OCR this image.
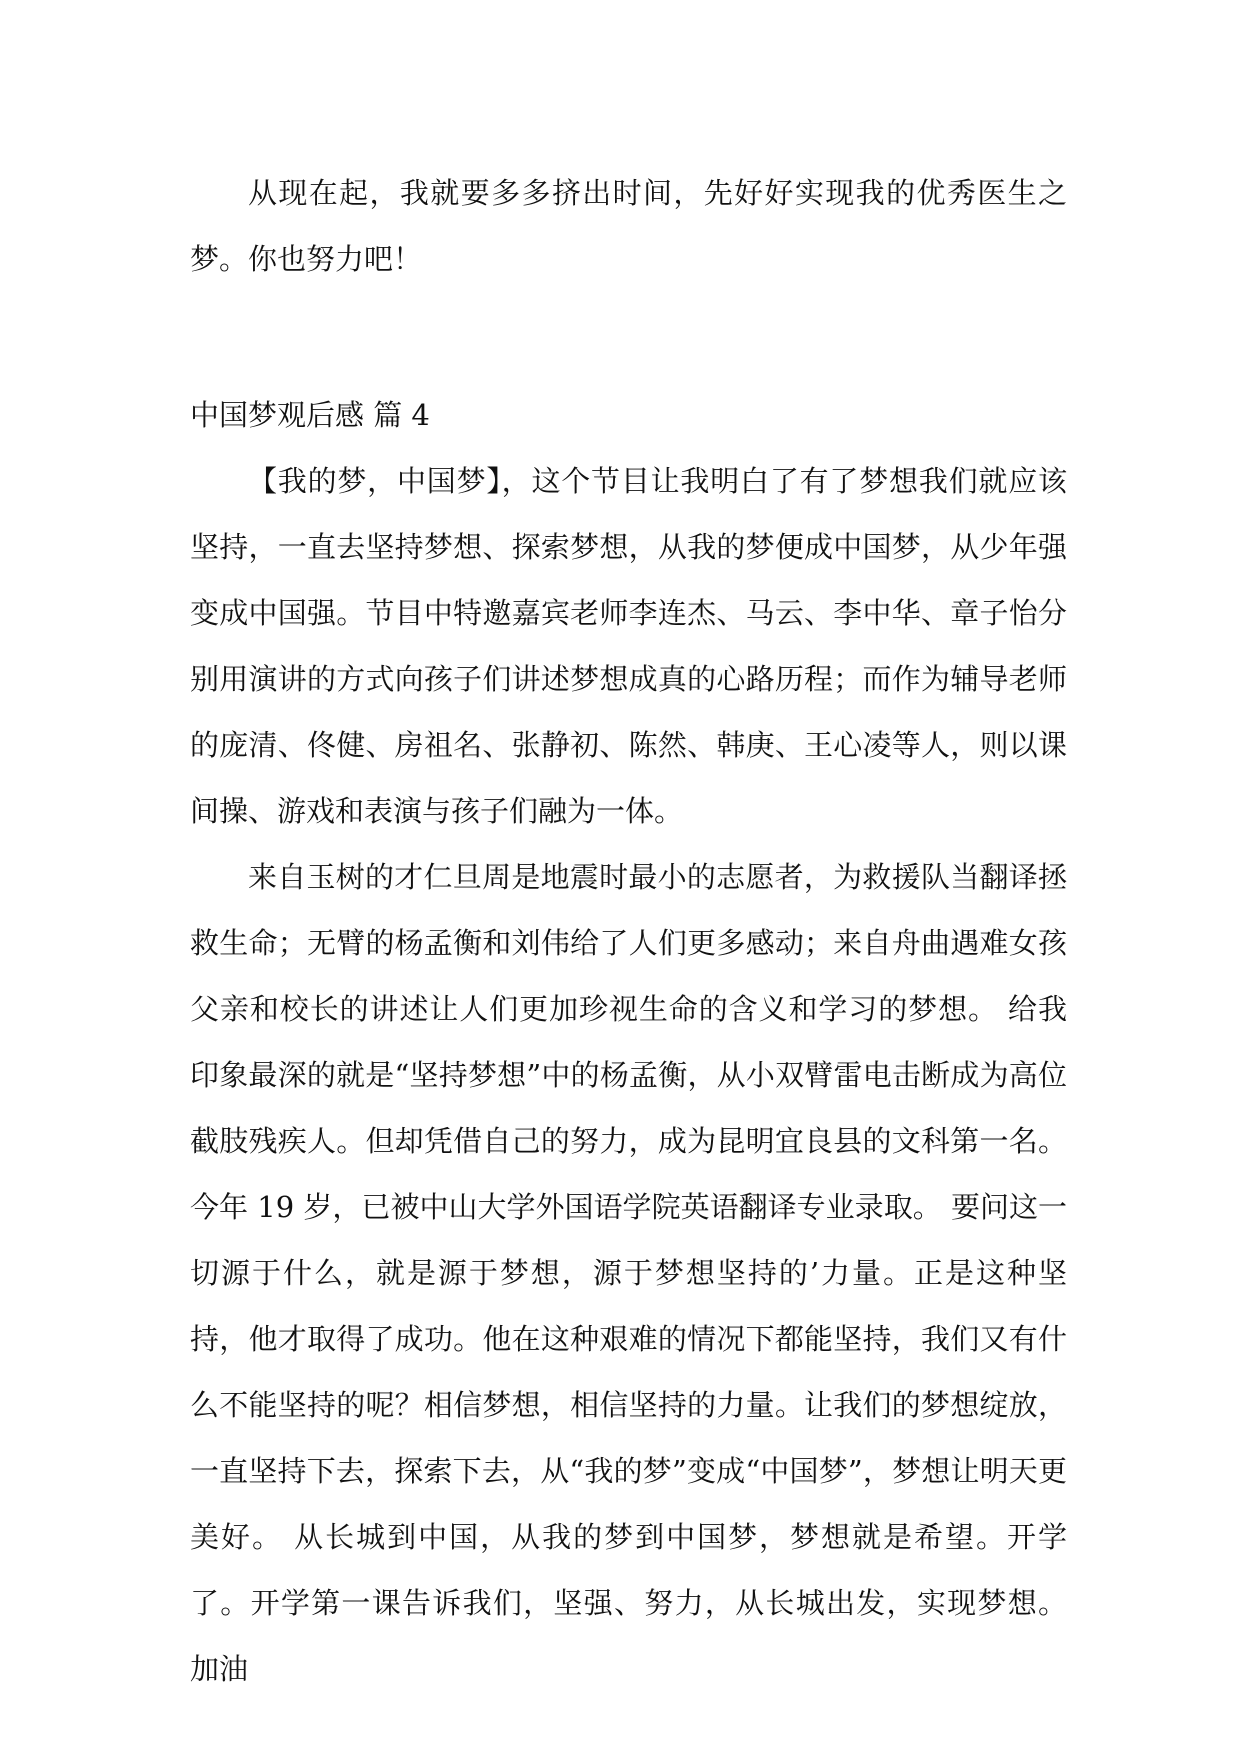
从现在起，我就要多多挤出时间，先好好实现我的优秀医生之梦。你也努力吧！

中国梦观后感 篇 4

【我的梦，中国梦】，这个节目让我明白了有了梦想我们就应该坚持，一直去坚持梦想、探索梦想，从我的梦便成中国梦，从少年强变成中国强。节目中特邀嘉宾老师李连杰、马云、李中华、章子怡分别用演讲的方式向孩子们讲述梦想成真的心路历程；而作为辅导老师的庞清、佟健、房祖名、张静初、陈然、韩庚、王心凌等人，则以课间操、游戏和表演与孩子们融为一体。

来自玉树的才仁旦周是地震时最小的志愿者，为救援队当翻译拯救生命；无臂的杨孟衡和刘伟给了人们更多感动；来自舟曲遇难女孩父亲和校长的讲述让人们更加珍视生命的含义和学习的梦想。 给我印象最深的就是“坚持梦想”中的杨孟衡，从小双臂雷电击断成为高位截肢残疾人。但却凭借自己的努力，成为昆明宜良县的文科第一名。今年 19 岁，已被中山大学外国语学院英语翻译专业录取。 要问这一切源于什么，就是源于梦想，源于梦想坚持的’力量。正是这种坚持，他才取得了成功。他在这种艰难的情况下都能坚持，我们又有什么不能坚持的呢？相信梦想，相信坚持的力量。让我们的梦想绽放，一直坚持下去，探索下去，从“我的梦”变成“中国梦”，梦想让明天更美好。 从长城到中国，从我的梦到中国梦，梦想就是希望。开学了。开学第一课告诉我们，坚强、努力，从长城出发，实现梦想。 加油
